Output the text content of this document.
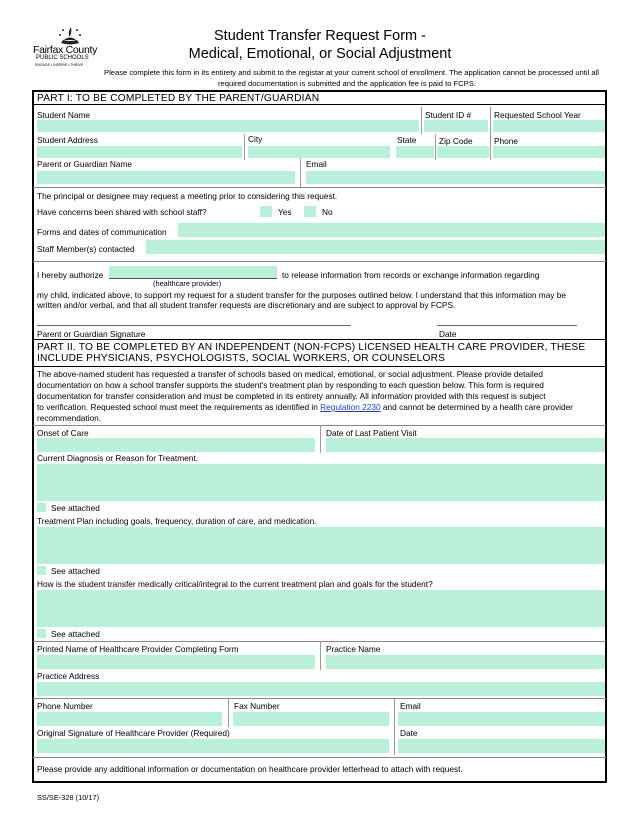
Fairfax County
PUBLIC SCHOOLS
ENGAGE • INSPIRE • THRIVE
Student Transfer Request Form -
Medical, Emotional, or Social Adjustment
Please complete this form in its entirety and submit to the registar at your current school of enrollment. The application cannot be processed until all
required documentation is submitted and the application fee is paid to FCPS.
PART I: TO BE COMPLETED BY THE PARENT/GUARDIAN
Student Name	Student ID #	Requested School Year
Student Address	City	State	Zip Code	Phone
Parent or Guardian Name	Email
The principal or designee may request a meeting prior to considering this request.
Have concerns been shared with school staff?	Yes	No
Forms and dates of communication
Staff Member(s) contacted
I hereby authorize
(healthcare provider)
to release information from records or exchange information regarding
my child, indicated above, to support my request for a student transfer for the purposes outlined below. I understand that this information may be
written and/or verbal, and that all student transfer requests are discretionary and are subject to approval by FCPS.
Parent or Guardian Signature	Date
PART II. TO BE COMPLETED BY AN INDEPENDENT (NON-FCPS) LICENSED HEALTH CARE PROVIDER, THESE
INCLUDE PHYSICIANS, PSYCHOLOGISTS, SOCIAL WORKERS, OR COUNSELORS
The above-named student has requested a transfer of schools based on medical, emotional, or social adjustment. Please provide detailed
documentation on how a school transfer supports the student's treatment plan by responding to each question below. This form is required
documentation for transfer consideration and must be completed in its entirety annually. All information provided with this request is subject
to verification. Requested school must meet the requirements as identified in Regulation 2230 and cannot be determined by a health care provider
recommendation.
Onset of Care	Date of Last Patient Visit
Current Diagnosis or Reason for Treatment.
See attached
Treatment Plan including goals, frequency, duration of care, and medication.
See attached
How is the student transfer medically critical/integral to the current treatment plan and goals for the student?
See attached
Printed Name of Healthcare Provider Completing Form	Practice Name
Practice Address
Phone Number	Fax Number	Email
Original Signature of Healthcare Provider (Required)	Date
Please provide any additional information or documentation on healthcare provider letterhead to attach with request.
SS/SE-328 (10/17)
